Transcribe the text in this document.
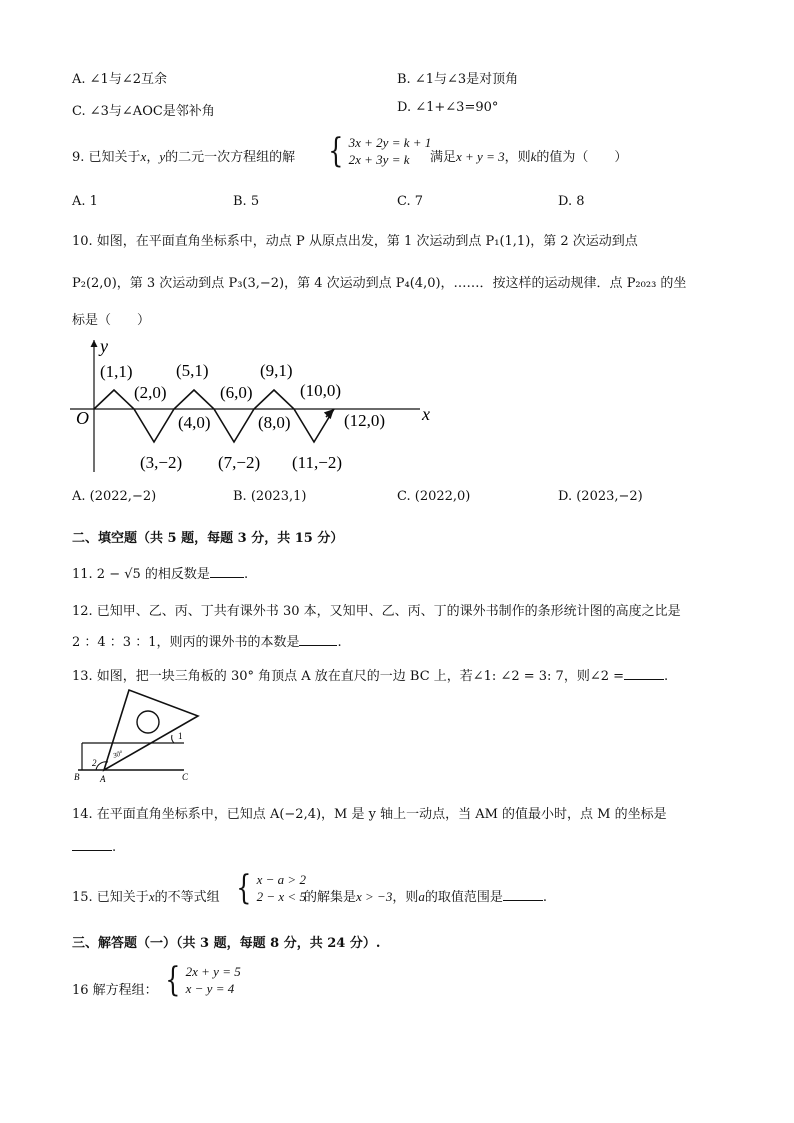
A. ∠1与∠2互余	B. ∠1与∠3是对顶角
C. ∠3与∠AOC是邻补角	D. ∠1+∠3=90°
9. 已知关于x，y的二元一次方程组的解 { 3x + 2y = k + 1
2x + 3y = k	满足x + y = 3，则k的值为（　　）
A. 1	B. 5	C. 7	D. 8
10. 如图，在平面直角坐标系中，动点 P 从原点出发，第 1 次运动到点 P₁(1,1)，第 2 次运动到点
P₂(2,0)，第 3 次运动到点 P₃(3,−2)，第 4 次运动到点 P₄(4,0)，……．按这样的运动规律．点 P₂₀₂₃ 的坐
标是（　　）
y
x
O
(1,1)	(5,1)	(9,1)
(2,0)
(4,0)
(6,0)
(8,0)
(10,0)
(12,0)
(3,−2) (7,−2) (11,−2)
A. (2022,−2)	B. (2023,1)	C. (2022,0)	D. (2023,−2)
二、填空题（共 5 题，每题 3 分，共 15 分）
11. 2 − √5 的相反数是	.
12. 已知甲、乙、丙、丁共有课外书 30 本，又知甲、乙、丙、丁的课外书制作的条形统计图的高度之比是
2 ：4 ：3 ：1，则丙的课外书的本数是	.
13. 如图，把一块三角板的 30° 角顶点 A 放在直尺的一边 BC 上，若∠1: ∠2 = 3: 7，则∠2 =	.
30°
1
2
B A	C
14. 在平面直角坐标系中，已知点 A(−2,4)，M 是 y 轴上一动点，当 AM 的值最小时，点 M 的坐标是
.
15. 已知关于x的不等式组 { x − a > 2
2 − x < 5
的解集是x > −3，则a的取值范围是	.
三、解答题（一）（共 3 题，每题 8 分，共 24 分）.
16 解方程组： { 2x + y = 5
x − y = 4
